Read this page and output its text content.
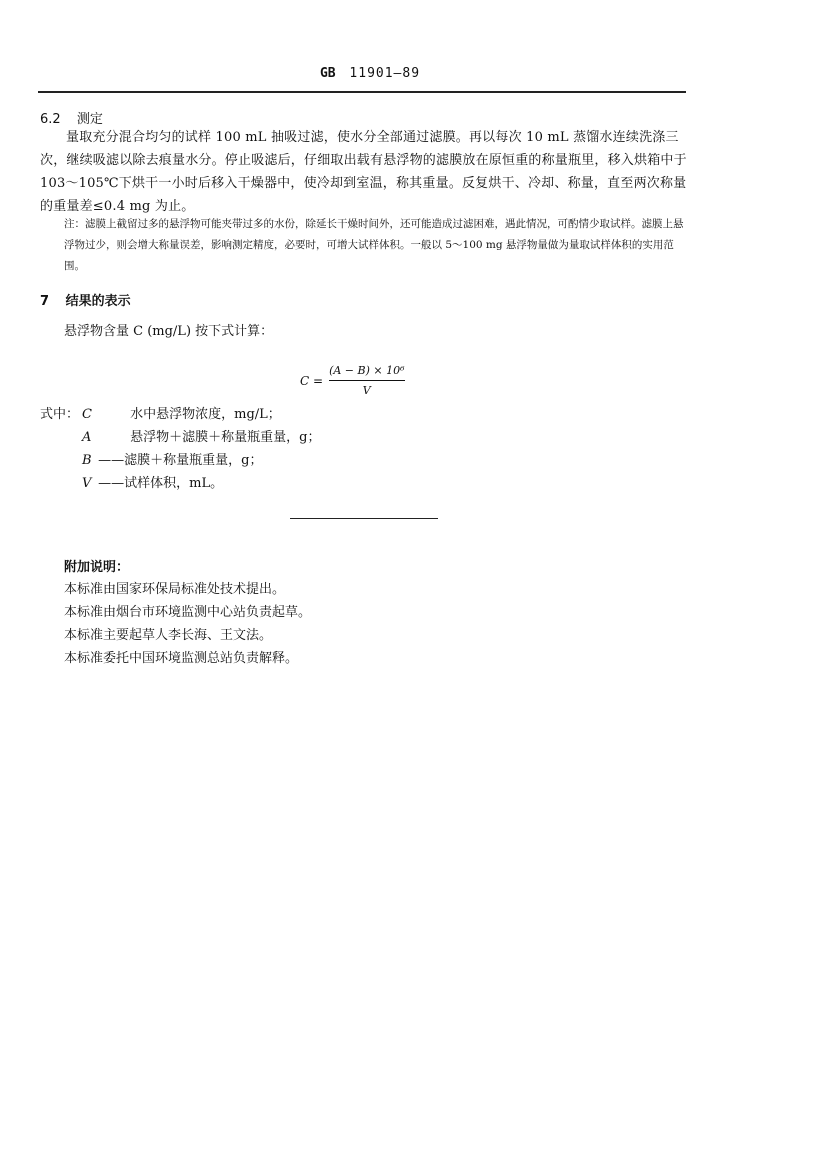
GB 11901—89
6.2 测定
量取充分混合均匀的试样 100 mL 抽吸过滤，使水分全部通过滤膜。再以每次 10 mL 蒸馏水连续洗涤三次，继续吸滤以除去痕量水分。停止吸滤后，仔细取出载有悬浮物的滤膜放在原恒重的称量瓶里，移入烘箱中于 103～105℃下烘干一小时后移入干燥器中，使冷却到室温，称其重量。反复烘干、冷却、称量，直至两次称量的重量差≤0.4 mg 为止。
注：滤膜上截留过多的悬浮物可能夹带过多的水份，除延长干燥时间外，还可能造成过滤困难，遇此情况，可酌情少取试样。滤膜上悬浮物过少，则会增大称量误差，影响测定精度，必要时，可增大试样体积。一般以 5～100 mg 悬浮物量做为量取试样体积的实用范围。
7 结果的表示
悬浮物含量 C (mg/L) 按下式计算：
$C = \frac{\text{(A − B) × 10⁶}}{V}$
式中： C	水中悬浮物浓度，mg/L；
A	悬浮物＋滤膜＋称量瓶重量，g；
B ——滤膜＋称量瓶重量，g；
V ——试样体积，mL。
附加说明：
本标准由国家环保局标准处技术提出。
本标准由烟台市环境监测中心站负责起草。
本标准主要起草人李长海、王文法。
本标准委托中国环境监测总站负责解释。
